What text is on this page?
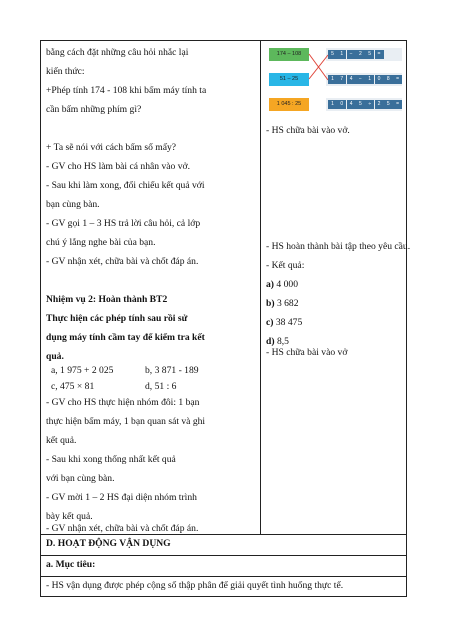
bằng cách đặt những câu hỏi nhắc lại
kiến thức:
+Phép tính 174 - 108 khi bấm máy tính ta
cần bấm những phím gì?
+ Ta sẽ nói với cách bấm số mấy?
- GV cho HS làm bài cá nhân vào vở.
- Sau khi làm xong, đổi chiếu kết quả với
bạn cùng bàn.
- GV gọi 1 – 3 HS trả lời câu hỏi, cả lớp
chú ý lắng nghe bài của bạn.
- GV nhận xét, chữa bài và chốt đáp án.
Nhiệm vụ 2: Hoàn thành BT2
Thực hiện các phép tính sau rồi sử
dụng máy tính cầm tay để kiểm tra kết
quả.
a, 1 975 + 2 025	b, 3 871 - 189
c, 475 × 81	d, 51 : 6
- GV cho HS thực hiện nhóm đôi: 1 bạn
thực hiện bấm máy, 1 bạn quan sát và ghi
kết quả.
- Sau khi xong thống nhất kết quả
với bạn cùng bàn.
- GV mời 1 – 2 HS đại diện nhóm trình
bày kết quả.
- GV nhận xét, chữa bài và chốt đáp án.
174 – 108
51 – 25
1 045 : 25
5	1	−	2	5	=
1	7	4	−	1	0	8	=
1	0	4	5	÷	2	5	=
- HS chữa bài vào vở.
- HS hoàn thành bài tập theo yêu cầu.
- Kết quả:
a) 4 000
b) 3 682
c) 38 475
d) 8,5
- HS chữa bài vào vở
D. HOẠT ĐỘNG VẬN DỤNG
a. Mục tiêu:
- HS vận dụng được phép cộng số thập phân để giải quyết tình huống thực tế.
